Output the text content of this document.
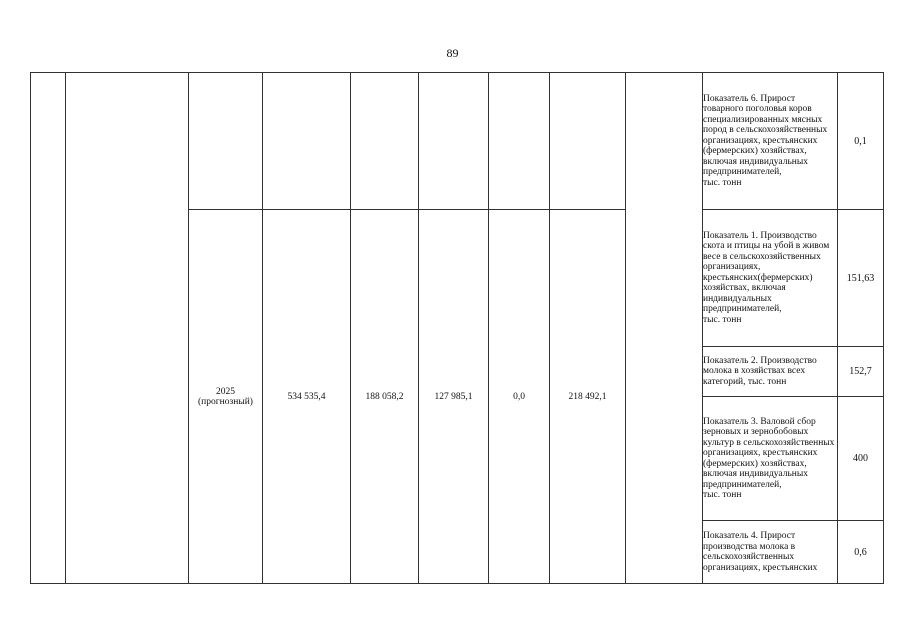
89
									Показатель 6. Прирост товарного поголовья коров специализированных мясных пород в сельскохозяйственных организациях, крестьянских (фермерских) хозяйствах, включая индивидуальных предпринимателей,
тыс. тонн	0,1
		2025
(прогнозный)	534 535,4	188 058,2	127 985,1	0,0	218 492,1		Показатель 1. Производство скота и птицы на убой в живом весе в сельскохозяйственных организациях, крестьянских(фермерских) хозяйствах, включая индивидуальных предпринимателей,
тыс. тонн	151,63
									Показатель 2. Производство молока в хозяйствах всех категорий, тыс. тонн	152,7
									Показатель 3. Валовой сбор зерновых и зернобобовых культур в сельскохозяйственных организациях, крестьянских (фермерских) хозяйствах, включая индивидуальных предпринимателей,
тыс. тонн	400
									Показатель 4. Прирост производства молока в сельскохозяйственных организациях, крестьянских	0,6
